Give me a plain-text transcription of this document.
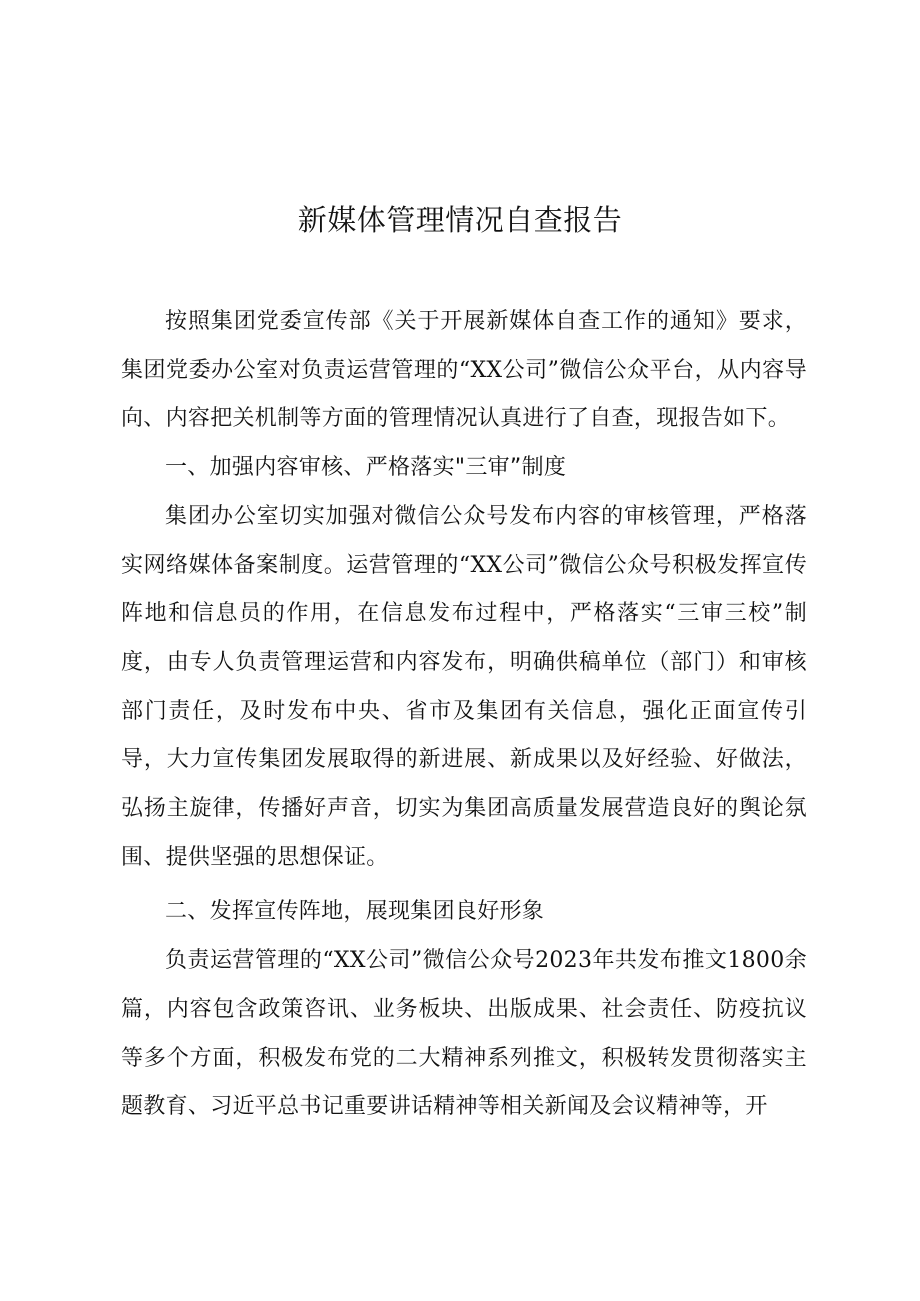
新媒体管理情况自查报告

按照集团党委宣传部《关于开展新媒体自查工作的通知》要求，集团党委办公室对负责运营管理的“XX公司”微信公众平台，从内容导向、内容把关机制等方面的管理情况认真进行了自查，现报告如下。

一、加强内容审核、严格落实"三审”制度

集团办公室切实加强对微信公众号发布内容的审核管理，严格落实网络媒体备案制度。运营管理的“XX公司”微信公众号积极发挥宣传阵地和信息员的作用，在信息发布过程中，严格落实“三审三校”制度，由专人负责管理运营和内容发布，明确供稿单位（部门）和审核部门责任，及时发布中央、省市及集团有关信息，强化正面宣传引导，大力宣传集团发展取得的新进展、新成果以及好经验、好做法，弘扬主旋律，传播好声音，切实为集团高质量发展营造良好的舆论氛围、提供坚强的思想保证。

二、发挥宣传阵地，展现集团良好形象

负责运营管理的“XX公司”微信公众号2023年共发布推文1800余篇，内容包含政策咨讯、业务板块、出版成果、社会责任、防疫抗议等多个方面，积极发布党的二大精神系列推文，积极转发贯彻落实主题教育、习近平总书记重要讲话精神等相关新闻及会议精神等，开
